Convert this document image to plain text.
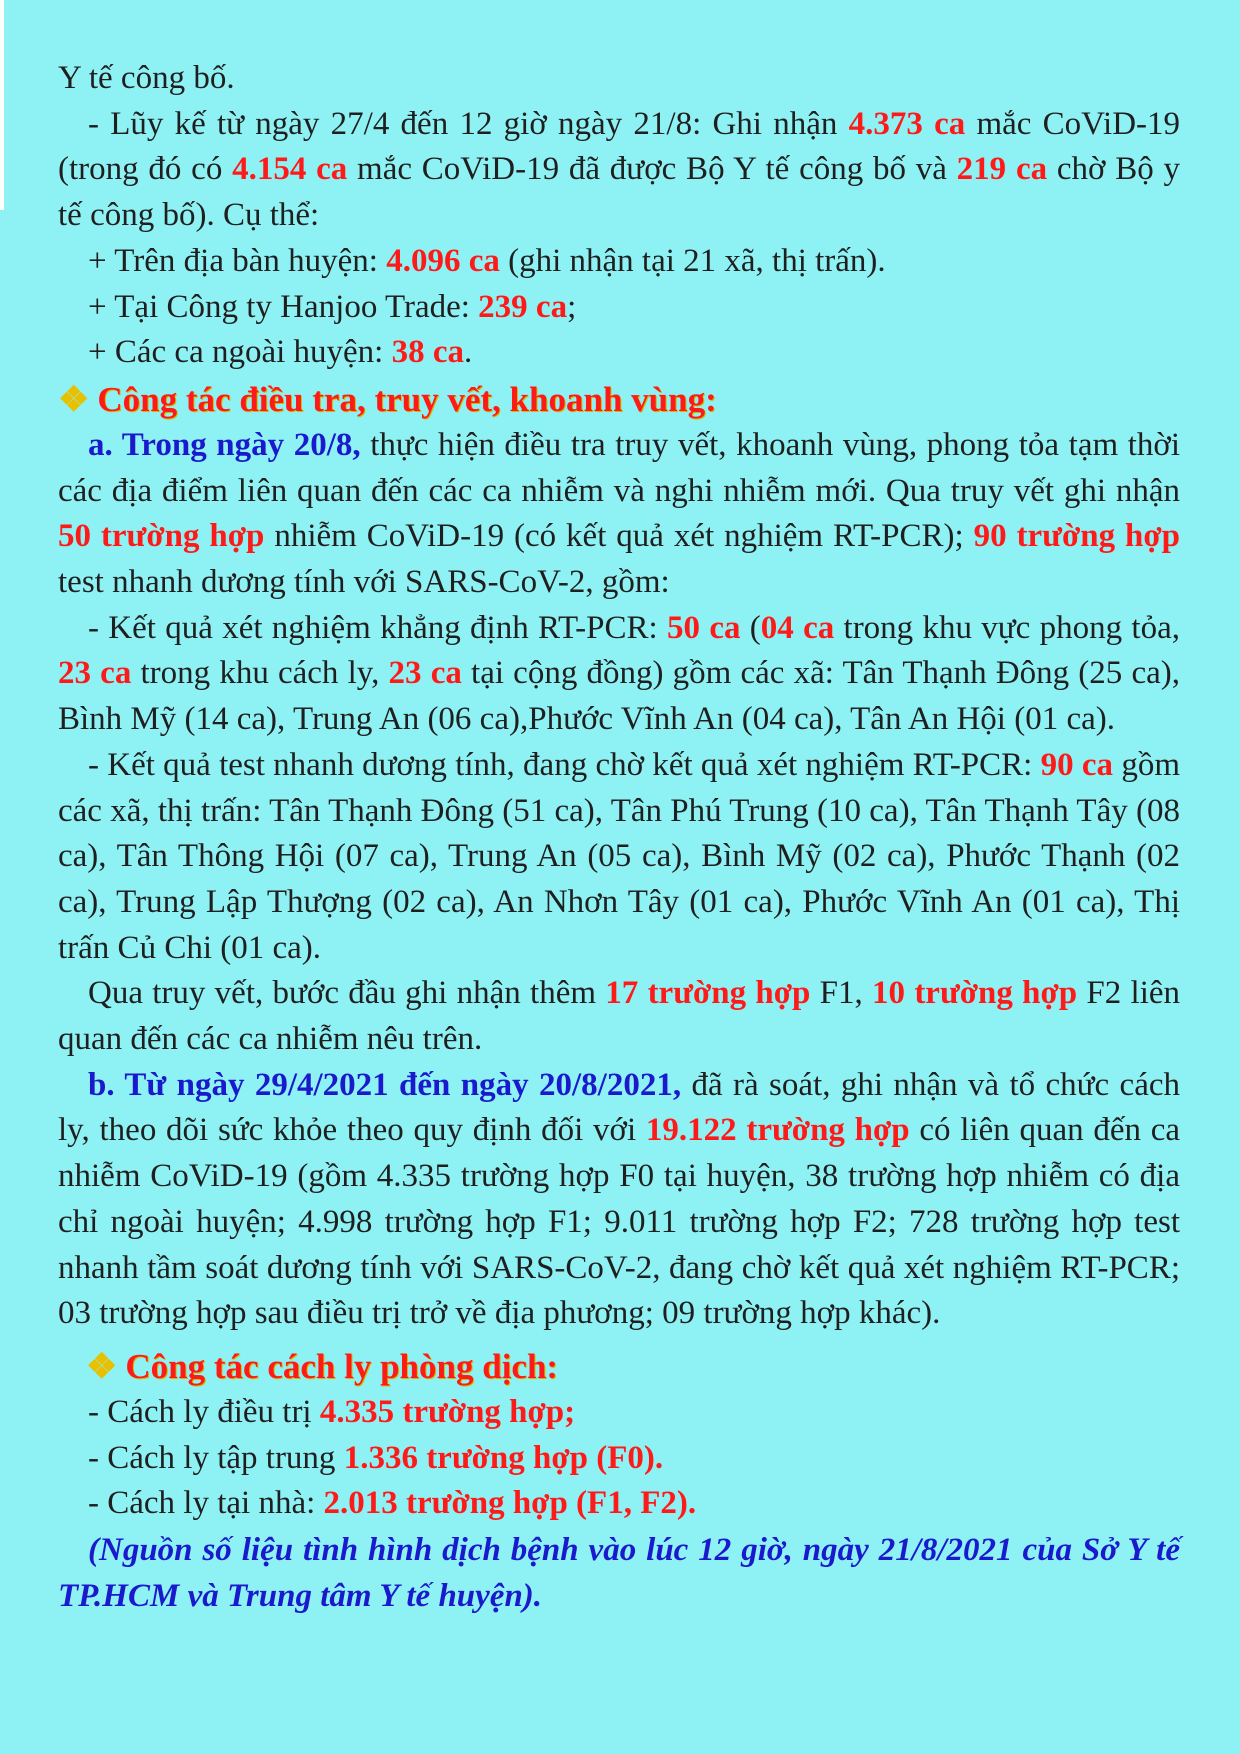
Y tế công bố.

- Lũy kế từ ngày 27/4 đến 12 giờ ngày 21/8: Ghi nhận 4.373 ca mắc CoViD-19 (trong đó có 4.154 ca mắc CoViD-19 đã được Bộ Y tế công bố và 219 ca chờ Bộ y tế công bố). Cụ thể:

+ Trên địa bàn huyện: 4.096 ca (ghi nhận tại 21 xã, thị trấn).

+ Tại Công ty Hanjoo Trade: 239 ca;

+ Các ca ngoài huyện: 38 ca.

❖ Công tác điều tra, truy vết, khoanh vùng:

a. Trong ngày 20/8, thực hiện điều tra truy vết, khoanh vùng, phong tỏa tạm thời các địa điểm liên quan đến các ca nhiễm và nghi nhiễm mới. Qua truy vết ghi nhận 50 trường hợp nhiễm CoViD-19 (có kết quả xét nghiệm RT-PCR); 90 trường hợp test nhanh dương tính với SARS-CoV-2, gồm:

- Kết quả xét nghiệm khẳng định RT-PCR: 50 ca (04 ca trong khu vực phong tỏa, 23 ca trong khu cách ly, 23 ca tại cộng đồng) gồm các xã: Tân Thạnh Đông (25 ca), Bình Mỹ (14 ca), Trung An (06 ca),Phước Vĩnh An (04 ca), Tân An Hội (01 ca).

- Kết quả test nhanh dương tính, đang chờ kết quả xét nghiệm RT-PCR: 90 ca gồm các xã, thị trấn: Tân Thạnh Đông (51 ca), Tân Phú Trung (10 ca), Tân Thạnh Tây (08 ca), Tân Thông Hội (07 ca), Trung An (05 ca), Bình Mỹ (02 ca), Phước Thạnh (02 ca), Trung Lập Thượng (02 ca), An Nhơn Tây (01 ca), Phước Vĩnh An (01 ca), Thị trấn Củ Chi (01 ca).

Qua truy vết, bước đầu ghi nhận thêm 17 trường hợp F1, 10 trường hợp F2 liên quan đến các ca nhiễm nêu trên.

b. Từ ngày 29/4/2021 đến ngày 20/8/2021, đã rà soát, ghi nhận và tổ chức cách ly, theo dõi sức khỏe theo quy định đối với 19.122 trường hợp có liên quan đến ca nhiễm CoViD-19 (gồm 4.335 trường hợp F0 tại huyện, 38 trường hợp nhiễm có địa chỉ ngoài huyện; 4.998 trường hợp F1; 9.011 trường hợp F2; 728 trường hợp test nhanh tầm soát dương tính với SARS-CoV-2, đang chờ kết quả xét nghiệm RT-PCR; 03 trường hợp sau điều trị trở về địa phương; 09 trường hợp khác).

❖ Công tác cách ly phòng dịch:

- Cách ly điều trị 4.335 trường hợp;

- Cách ly tập trung 1.336 trường hợp (F0).

- Cách ly tại nhà: 2.013 trường hợp (F1, F2).

(Nguồn số liệu tình hình dịch bệnh vào lúc 12 giờ, ngày 21/8/2021 của Sở Y tế TP.HCM và Trung tâm Y tế huyện).
